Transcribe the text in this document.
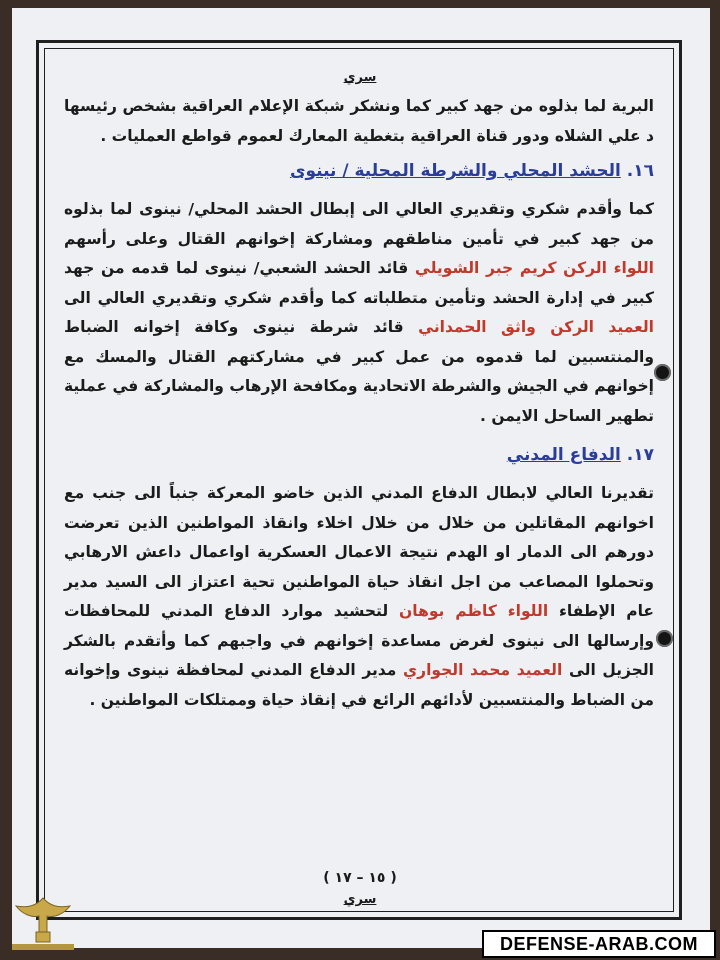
سري

البرية لما بذلوه من جهد كبير كما ونشكر شبكة الإعلام العراقية بشخص رئيسها د علي الشلاه ودور قناة العراقية بتغطية المعارك لعموم قواطع العمليات .

١٦. الحشد المحلي والشرطة المحلية / نينوى

كما وأقدم شكري وتقديري العالي الى إبطال الحشد المحلي/ نينوى لما بذلوه من جهد كبير في تأمين مناطقهم ومشاركة إخوانهم القتال وعلى رأسهم اللواء الركن كريم جبر الشويلي قائد الحشد الشعبي/ نينوى لما قدمه من جهد كبير في إدارة الحشد وتأمين متطلباته كما وأقدم شكري وتقديري العالي الى العميد الركن واثق الحمداني قائد شرطة نينوى وكافة إخوانه الضباط والمنتسبين لما قدموه من عمل كبير في مشاركتهم القتال والمسك مع إخوانهم في الجيش والشرطة الاتحادية ومكافحة الإرهاب والمشاركة في عملية تطهير الساحل الايمن .

١٧. الدفاع المدني

تقديرنا العالي لابطال الدفاع المدني الذين خاضو المعركة جنباً الى جنب مع اخوانهم المقاتلين من خلال من خلال اخلاء وانقاذ المواطنين الذين تعرضت دورهم الى الدمار او الهدم نتيجة الاعمال العسكرية اواعمال داعش الارهابي وتحملوا المصاعب من اجل انقاذ حياة المواطنين تحية اعتزاز الى السيد مدير عام الإطفاء اللواء كاظم بوهان لتحشيد موارد الدفاع المدني للمحافظات وإرسالها الى نينوى لغرض مساعدة إخوانهم في واجبهم كما وأتقدم بالشكر الجزيل الى العميد محمد الجواري مدير الدفاع المدني لمحافظة نينوى وإخوانه من الضباط والمنتسبين لأدائهم الرائع في إنقاذ حياة وممتلكات المواطنين .

( ١٥ – ١٧ )
سري
DEFENSE-ARAB.COM
